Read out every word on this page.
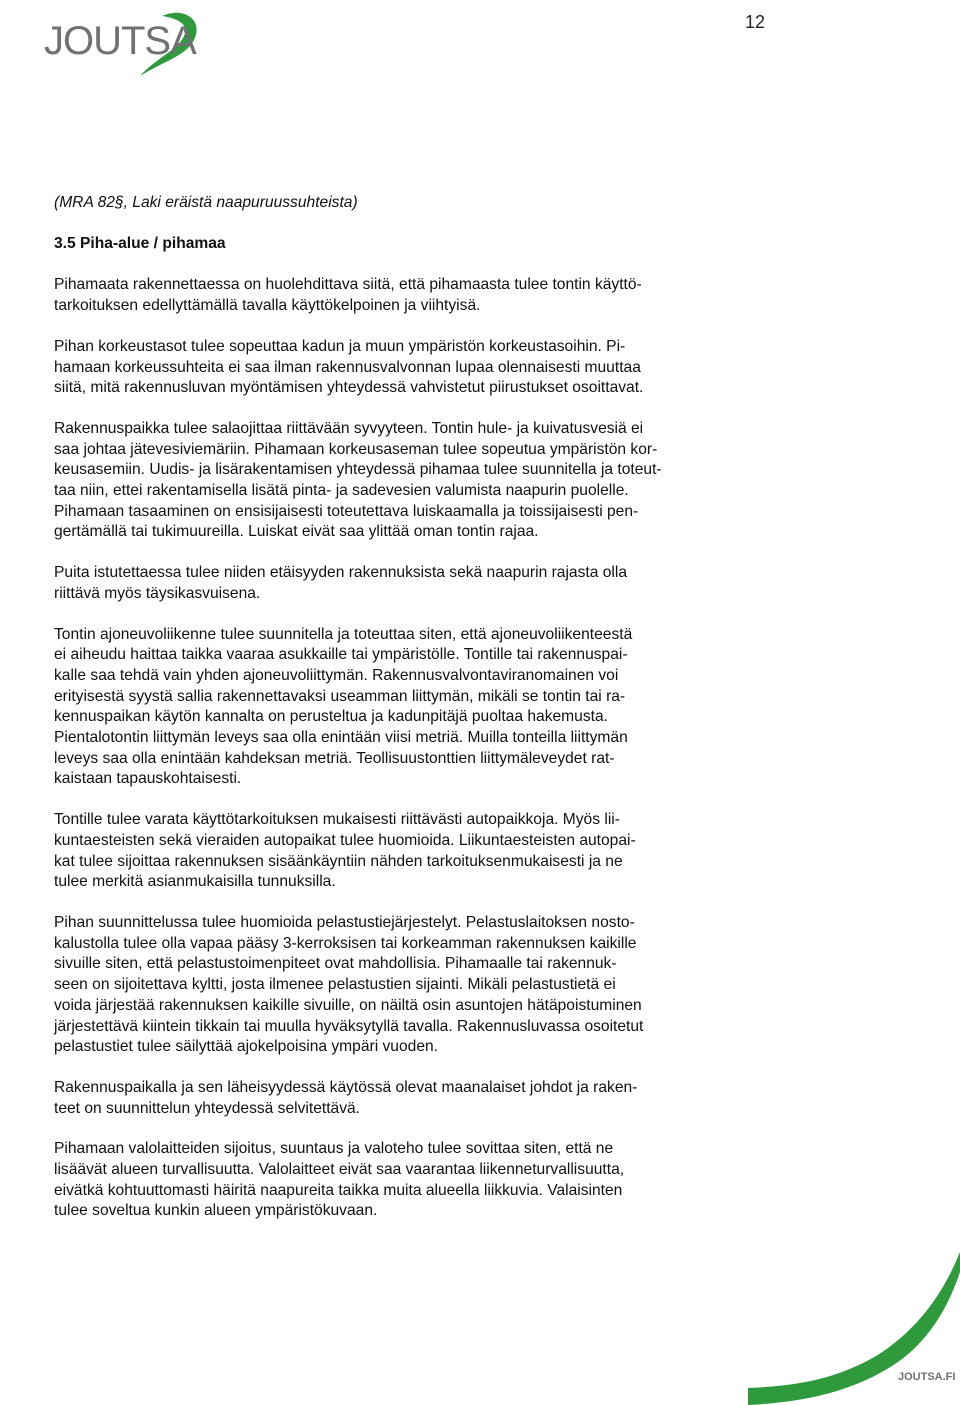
JOUTSA	12

(MRA 82§, Laki eräistä naapuruussuhteista)

3.5 Piha-alue / pihamaa

Pihamaata rakennettaessa on huolehdittava siitä, että pihamaasta tulee tontin käyttö-

tarkoituksen edellyttämällä tavalla käyttökelpoinen ja viihtyisä.

Pihan korkeustasot tulee sopeuttaa kadun ja muun ympäristön korkeustasoihin. Pi-

hamaan korkeussuhteita ei saa ilman rakennusvalvonnan lupaa olennaisesti muuttaa

siitä, mitä rakennusluvan myöntämisen yhteydessä vahvistetut piirustukset osoittavat.

Rakennuspaikka tulee salaojittaa riittävään syvyyteen. Tontin hule- ja kuivatusvesiä ei

saa johtaa jätevesiviemäriin. Pihamaan korkeusaseman tulee sopeutua ympäristön kor-

keusasemiin. Uudis- ja lisärakentamisen yhteydessä pihamaa tulee suunnitella ja toteut-

taa niin, ettei rakentamisella lisätä pinta- ja sadevesien valumista naapurin puolelle.

Pihamaan tasaaminen on ensisijaisesti toteutettava luiskaamalla ja toissijaisesti pen-

gertämällä tai tukimuureilla. Luiskat eivät saa ylittää oman tontin rajaa.

Puita istutettaessa tulee niiden etäisyyden rakennuksista sekä naapurin rajasta olla

riittävä myös täysikasvuisena.

Tontin ajoneuvoliikenne tulee suunnitella ja toteuttaa siten, että ajoneuvoliikenteestä

ei aiheudu haittaa taikka vaaraa asukkaille tai ympäristölle. Tontille tai rakennuspai-

kalle saa tehdä vain yhden ajoneuvoliittymän. Rakennusvalvontaviranomainen voi

erityisestä syystä sallia rakennettavaksi useamman liittymän, mikäli se tontin tai ra-

kennuspaikan käytön kannalta on perusteltua ja kadunpitäjä puoltaa hakemusta.

Pientalotontin liittymän leveys saa olla enintään viisi metriä. Muilla tonteilla liittymän

leveys saa olla enintään kahdeksan metriä. Teollisuustonttien liittymäleveydet rat-

kaistaan tapauskohtaisesti.

Tontille tulee varata käyttötarkoituksen mukaisesti riittävästi autopaikkoja. Myös lii-

kuntaesteisten sekä vieraiden autopaikat tulee huomioida. Liikuntaesteisten autopai-

kat tulee sijoittaa rakennuksen sisäänkäyntiin nähden tarkoituksenmukaisesti ja ne

tulee merkitä asianmukaisilla tunnuksilla.

Pihan suunnittelussa tulee huomioida pelastustiejärjestelyt. Pelastuslaitoksen nosto-

kalustolla tulee olla vapaa pääsy 3-kerroksisen tai korkeamman rakennuksen kaikille

sivuille siten, että pelastustoimenpiteet ovat mahdollisia. Pihamaalle tai rakennuk-

seen on sijoitettava kyltti, josta ilmenee pelastustien sijainti. Mikäli pelastustietä ei

voida järjestää rakennuksen kaikille sivuille, on näiltä osin asuntojen hätäpoistuminen

järjestettävä kiintein tikkain tai muulla hyväksytyllä tavalla. Rakennusluvassa osoitetut

pelastustiet tulee säilyttää ajokelpoisina ympäri vuoden.

Rakennuspaikalla ja sen läheisyydessä käytössä olevat maanalaiset johdot ja raken-

teet on suunnittelun yhteydessä selvitettävä.

Pihamaan valolaitteiden sijoitus, suuntaus ja valoteho tulee sovittaa siten, että ne

lisäävät alueen turvallisuutta. Valolaitteet eivät saa vaarantaa liikenneturvallisuutta,

eivätkä kohtuuttomasti häiritä naapureita taikka muita alueella liikkuvia. Valaisinten

tulee soveltua kunkin alueen ympäristökuvaan.

JOUTSA.FI
